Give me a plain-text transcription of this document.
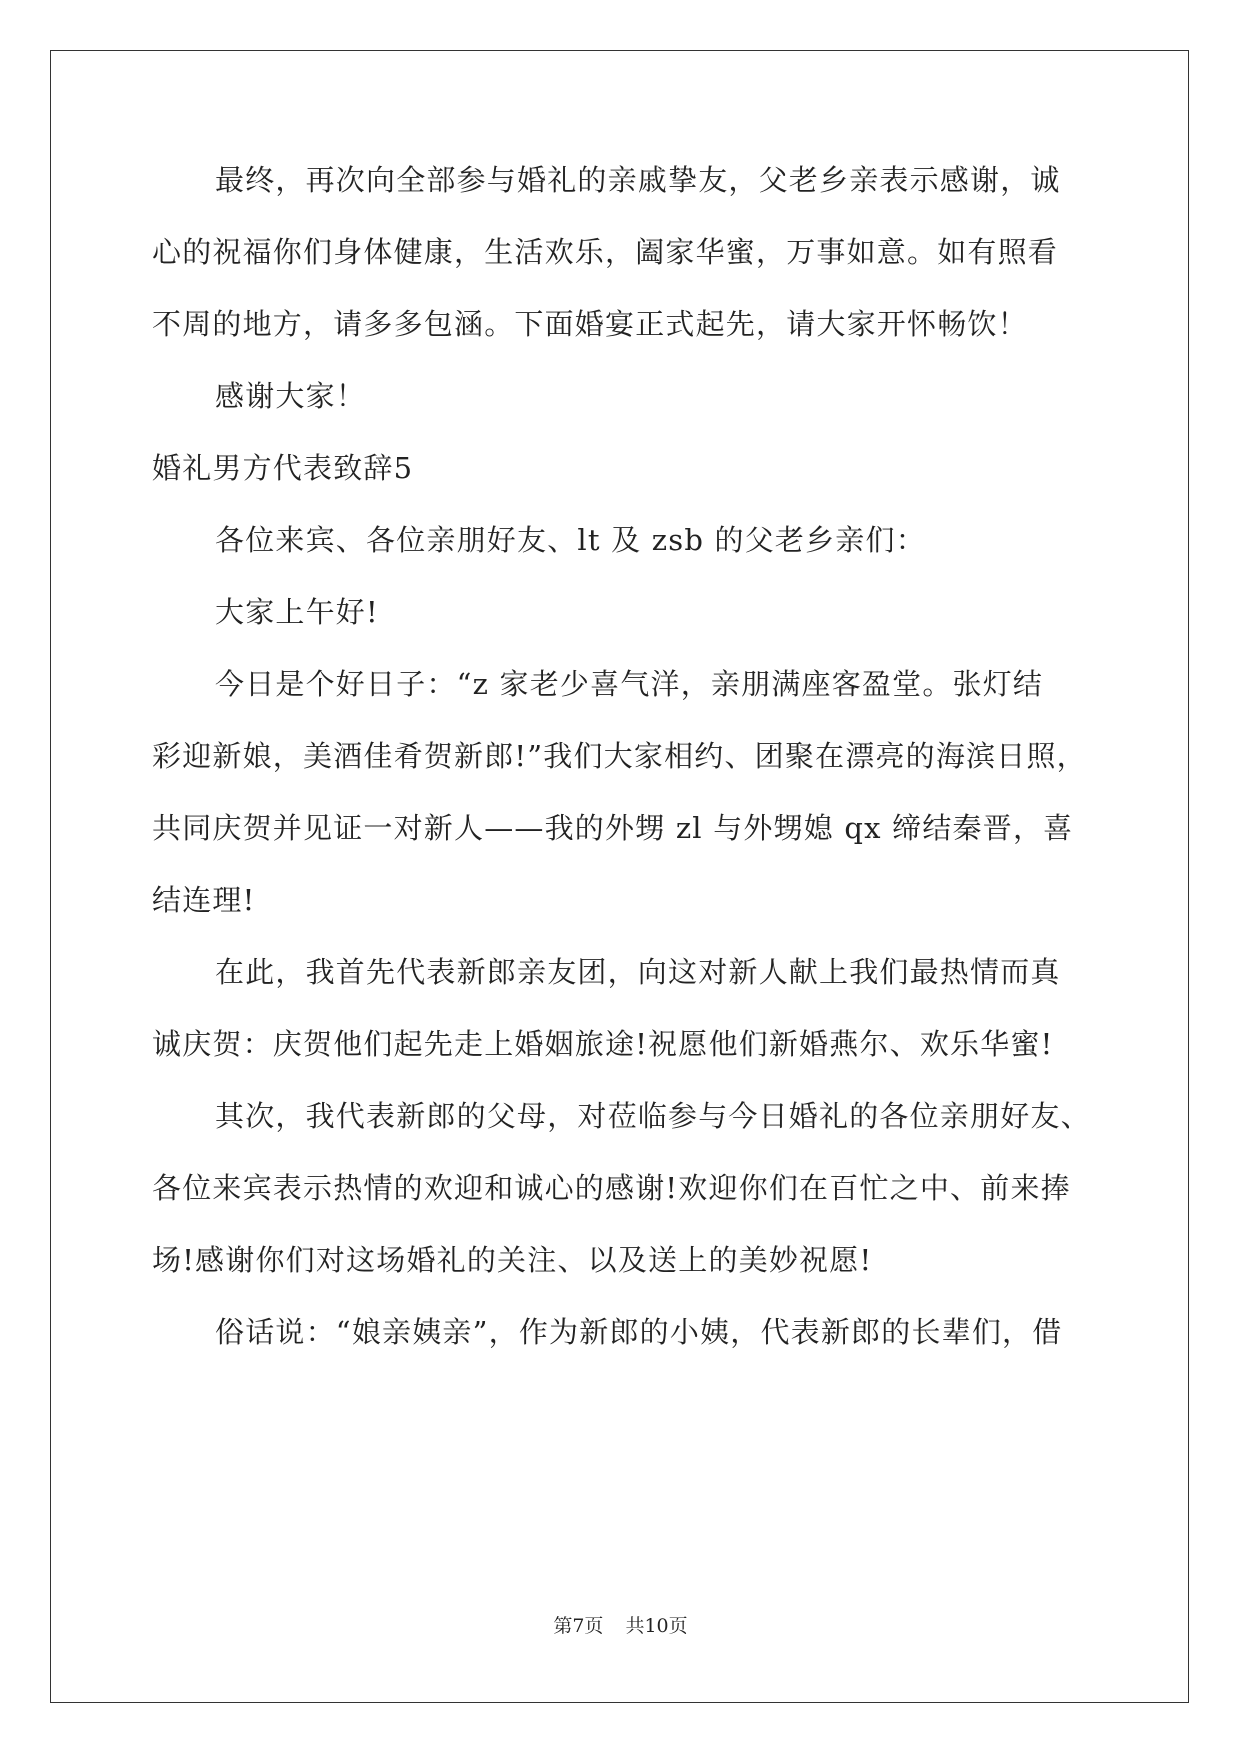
最终，再次向全部参与婚礼的亲戚挚友，父老乡亲表示感谢，诚
心的祝福你们身体健康，生活欢乐，阖家华蜜，万事如意。如有照看
不周的地方，请多多包涵。下面婚宴正式起先，请大家开怀畅饮！
感谢大家！
婚礼男方代表致辞5
各位来宾、各位亲朋好友、lt 及 zsb 的父老乡亲们：
大家上午好!
今日是个好日子：“z 家老少喜气洋，亲朋满座客盈堂。张灯结
彩迎新娘，美酒佳肴贺新郎!”我们大家相约、团聚在漂亮的海滨日照，
共同庆贺并见证一对新人——我的外甥 zl 与外甥媳 qx 缔结秦晋，喜
结连理!
在此，我首先代表新郎亲友团，向这对新人献上我们最热情而真
诚庆贺：庆贺他们起先走上婚姻旅途!祝愿他们新婚燕尔、欢乐华蜜!
其次，我代表新郎的父母，对莅临参与今日婚礼的各位亲朋好友、
各位来宾表示热情的欢迎和诚心的感谢!欢迎你们在百忙之中、前来捧
场!感谢你们对这场婚礼的关注、以及送上的美妙祝愿!
俗话说：“娘亲姨亲”，作为新郎的小姨，代表新郎的长辈们，借
第7页 共10页
